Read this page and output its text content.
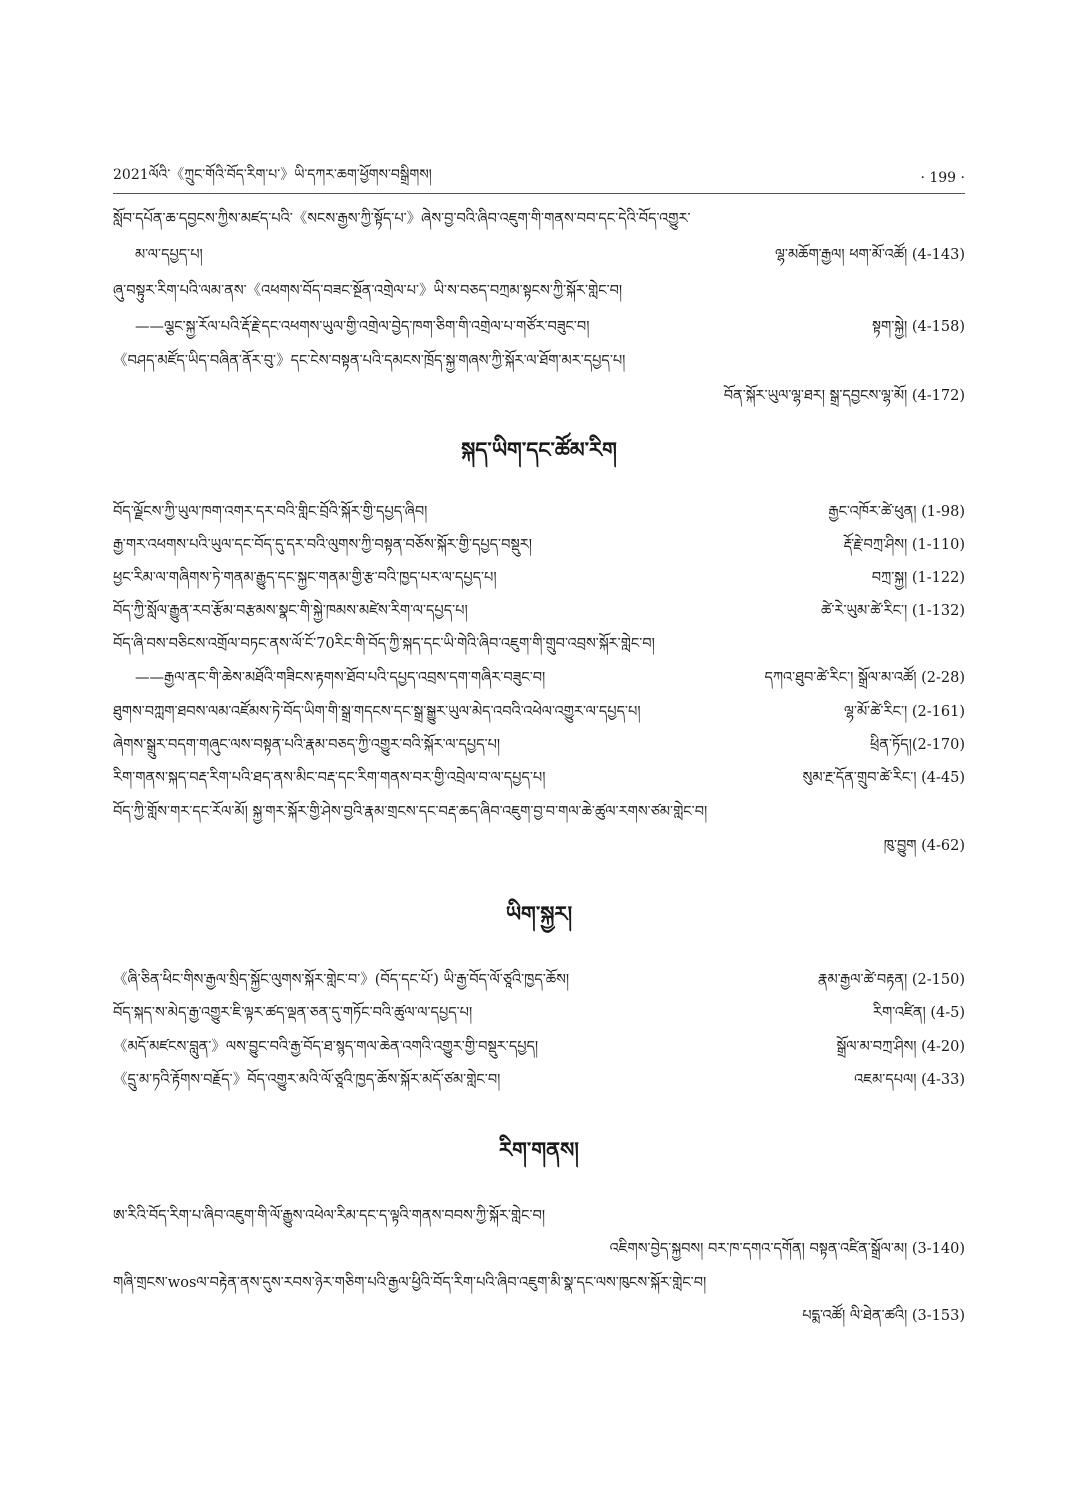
2021ལོའི་《ཀྲུང་གོའི་བོད་རིག་པ་》ཡི་དཀར་ཆག་ཕྱོགས་བསྒྲིགས།	· 199 ·
སློབ་དཔོན་ཆ་དབྱངས་ཀྱིས་མཛད་པའི་《སངས་རྒྱས་ཀྱི་སྟོད་པ་》ཞེས་བྱ་བའི་ཞིབ་འཇུག་གི་གནས་བབ་དང་དེའི་བོད་འགྱུར་
མ་ལ་དཔྱད་པ།	ལྷ་མཆོག་རྒྱལ། ཕག་མོ་འཚོ། (4-143)
ཞུ་བསྟུར་རིག་པའི་ལམ་ནས་《འཕགས་བོད་བཟང་སྔོན་འགྲེལ་པ་》ཡི་ས་བཅད་བཀྲམ་སྟངས་ཀྱི་སྐོར་གླེང་བ།
——ལྕང་སྐྱ་རོལ་པའི་རྡོ་རྗེ་དང་འཕགས་ཡུལ་གྱི་འགྲེལ་བྱེད་ཁག་ཅིག་གི་འགྲེལ་པ་གཙོར་བཟུང་བ།	སྟག་སྐྱེ། (4-158)
《བཤད་མཛོད་ཡིད་བཞིན་ནོར་བུ་》དང་ངེས་བསྟན་པའི་དམངས་ཁྲོད་སྐྱ་གཞས་ཀྱི་སྐོར་ལ་ཐོག་མར་དཔྱད་པ།
བོན་སྐོར་ཡུལ་ལྷ་ཐར། སྒྲ་དབྱངས་ལྷ་མོ། (4-172)
སྐད་ཡིག་དང་ཚོམ་རིག
བོད་ལྗོངས་ཀྱི་ཡུལ་ཁག་འགར་དར་བའི་གླིང་བྲོའི་སྐོར་གྱི་དཔྱད་ཞིབ།	རྒྱང་འཁོར་ཚེ་ཕུན། (1-98)
རྒྱ་གར་འཕགས་པའི་ཡུལ་དང་བོད་དུ་དར་བའི་ལུགས་ཀྱི་བསྟན་བཅོས་སྐོར་གྱི་དཔྱད་བསྡུར།	རྡོ་རྗེ་བཀྲ་ཤིས། (1-110)
ཕྱང་རིམ་ལ་གཞིགས་ཏེ་གནམ་རྒྱུད་དང་སྐྱང་གནམ་གྱི་རྩ་བའི་ཁྱད་པར་ལ་དཔྱད་པ།	བཀྲ་སྐྱ། (1-122)
བོད་ཀྱི་སློལ་རྒྱུན་རབ་རྩོམ་བརྩམས་སྣང་གི་སྐྱེ་ཁམས་མཛེས་རིག་ལ་དཔྱད་པ།	ཚེ་རེ་ཡུམ་ཚེ་རིང་། (1-132)
བོད་ཞི་བས་བཅིངས་འགྲོལ་བཏང་ནས་ལོ་ངོ་70རིང་གི་བོད་ཀྱི་སྐད་དང་ཡི་གེའི་ཞིབ་འཇུག་གི་གྲུབ་འབྲས་སྐོར་གླེང་བ།
——རྒྱལ་ནང་གི་ཆེས་མཐོའི་གཟིངས་རྟགས་ཐོབ་པའི་དཔྱད་འབྲས་དག་གཞིར་བཟུང་བ།	དཀའ་ཐུབ་ཚེ་རིང་། སྒྲོལ་མ་འཚོ། (2-28)
ཐུགས་བཀླག་ཐབས་ལམ་འཛོམས་ཏེ་བོད་ཡིག་གི་སྒྲ་གདངས་དང་སྒྲ་སྒྱུར་ཡུལ་མེད་འབའི་འཕེལ་འགྱུར་ལ་དཔྱད་པ།	ལྷ་མོ་ཚེ་རིང་། (2-161)
ཞེགས་སྒྲུར་བདག་གཞུང་ལས་བསྟན་པའི་རྣམ་བཅད་ཀྱི་འགྱུར་བའི་སྐོར་ལ་དཔྱད་པ།	ཕྲིན་ཏོད།(2-170)
རིག་གནས་སྐད་བརྡ་རིག་པའི་ཐད་ནས་མིང་བརྡ་དང་རིག་གནས་བར་གྱི་འབྲེལ་བ་ལ་དཔྱད་པ།	སུམ་རྔ་དོན་གྲུབ་ཚེ་རིང་། (4-45)
བོད་ཀྱི་གློས་གར་དང་རོལ་མོ། སྐྱ་གར་སྐོར་གྱི་ཤེས་བྱའི་རྣམ་གྲངས་དང་བརྡ་ཆད་ཞིབ་འཇུག་བྱ་བ་གལ་ཆེ་ཚུལ་རགས་ཙམ་གླེང་བ།
ཁུ་བྱུག (4-62)
ཡིག་སྐྱར།
《ཞི་ཅིན་ཕིང་གིས་རྒྱལ་སྲིད་སྐྱོང་ལུགས་སྐོར་གླེང་བ་》(བོད་དང་པོ་) ཡི་རྒྱ་བོད་ལོ་ཙཱའི་ཁྱད་ཆོས།	རྣམ་རྒྱལ་ཚེ་བརྟན། (2-150)
བོད་སྐད་ས་མེད་རྒྱ་འགྱུར་ཇི་ལྟར་ཚད་ལྡན་ཅན་དུ་གཏོང་བའི་ཚུལ་ལ་དཔྱད་པ།	རིག་འཛིན། (4-5)
《མདོ་མཛངས་བླུན་》ལས་བྱུང་བའི་རྒྱ་བོད་ཐ་སྙད་གལ་ཆེན་འགའི་འགྱུར་གྱི་བསྡུར་དཔྱད།	སྒྲོལ་མ་བཀྲ་ཤིས། (4-20)
《དྲུ་མ་ཏའི་རྟོགས་བརྗོད་》བོད་འགྱུར་མའི་ལོ་ཙཱའི་ཁྱད་ཆོས་སྐོར་མདོ་ཙམ་གླེང་བ།	འཇམ་དཔལ། (4-33)
རིག་གནས།
ཨ་རིའི་བོད་རིག་པ་ཞིབ་འཇུག་གི་ལོ་རྒྱུས་འཕེལ་རིམ་དང་ད་ལྟའི་གནས་བབས་ཀྱི་སྐོར་གླེང་བ།
འཇིགས་བྱེད་སྐྱབས། བར་ཁ་དགའ་དགོན། བསྟན་འཛིན་སྒྲོལ་མ། (3-140)
གཞི་གྲངས་wosལ་བརྟེན་ནས་དུས་རབས་ཉེར་གཅིག་པའི་རྒྱལ་ཕྱིའི་བོད་རིག་པའི་ཞིབ་འཇུག་མི་སྣ་དང་ལས་ཁུངས་སྐོར་གླེང་བ།
པདྨ་འཚོ། ལི་ཐེན་ཚའི། (3-153)
